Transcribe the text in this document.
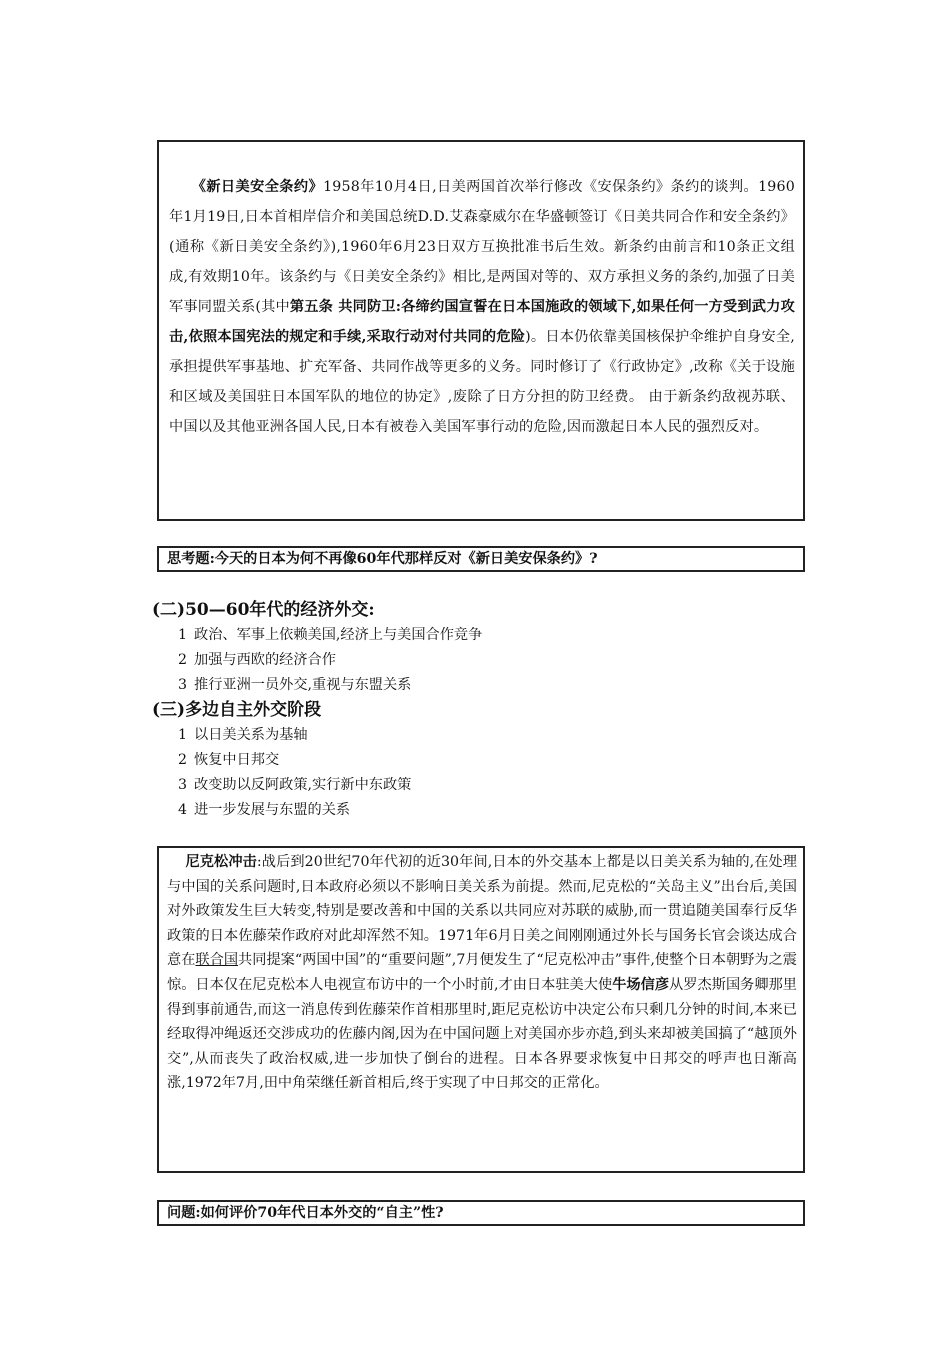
《新日美安全条约》1958年10月4日,日美两国首次举行修改《安保条约》条约的谈判。1960年1月19日,日本首相岸信介和美国总统D.D.艾森豪威尔在华盛顿签订《日美共同合作和安全条约》(通称《新日美安全条约》),1960年6月23日双方互换批准书后生效。新条约由前言和10条正文组成,有效期10年。该条约与《日美安全条约》相比,是两国对等的、双方承担义务的条约,加强了日美军事同盟关系(其中第五条 共同防卫:各缔约国宣誓在日本国施政的领域下,如果任何一方受到武力攻击,依照本国宪法的规定和手续,采取行动对付共同的危险)。日本仍依靠美国核保护伞维护自身安全,承担提供军事基地、扩充军备、共同作战等更多的义务。同时修订了《行政协定》,改称《关于设施和区域及美国驻日本国军队的地位的协定》,废除了日方分担的防卫经费。 由于新条约敌视苏联、中国以及其他亚洲各国人民,日本有被卷入美国军事行动的危险,因而激起日本人民的强烈反对。

思考题:今天的日本为何不再像60年代那样反对《新日美安保条约》?
(二)50—60年代的经济外交:
1 政治、军事上依赖美国,经济上与美国合作竞争
2 加强与西欧的经济合作
3 推行亚洲一员外交,重视与东盟关系
(三)多边自主外交阶段
1 以日美关系为基轴
2 恢复中日邦交
3 改变助以反阿政策,实行新中东政策
4 进一步发展与东盟的关系

尼克松冲击:战后到20世纪70年代初的近30年间,日本的外交基本上都是以日美关系为轴的,在处理与中国的关系问题时,日本政府必须以不影响日美关系为前提。然而,尼克松的“关岛主义”出台后,美国对外政策发生巨大转变,特别是要改善和中国的关系以共同应对苏联的威胁,而一贯追随美国奉行反华政策的日本佐藤荣作政府对此却浑然不知。1971年6月日美之间刚刚通过外长与国务长官会谈达成合意在联合国共同提案“两国中国”的“重要问题”,7月便发生了“尼克松冲击”事件,使整个日本朝野为之震惊。日本仅在尼克松本人电视宣布访中的一个小时前,才由日本驻美大使牛场信彦从罗杰斯国务卿那里得到事前通告,而这一消息传到佐藤荣作首相那里时,距尼克松访中决定公布只剩几分钟的时间,本来已经取得冲绳返还交涉成功的佐藤内阁,因为在中国问题上对美国亦步亦趋,到头来却被美国搞了“越顶外交”,从而丧失了政治权威,进一步加快了倒台的进程。日本各界要求恢复中日邦交的呼声也日渐高涨,1972年7月,田中角荣继任新首相后,终于实现了中日邦交的正常化。

问题:如何评价70年代日本外交的“自主”性?
